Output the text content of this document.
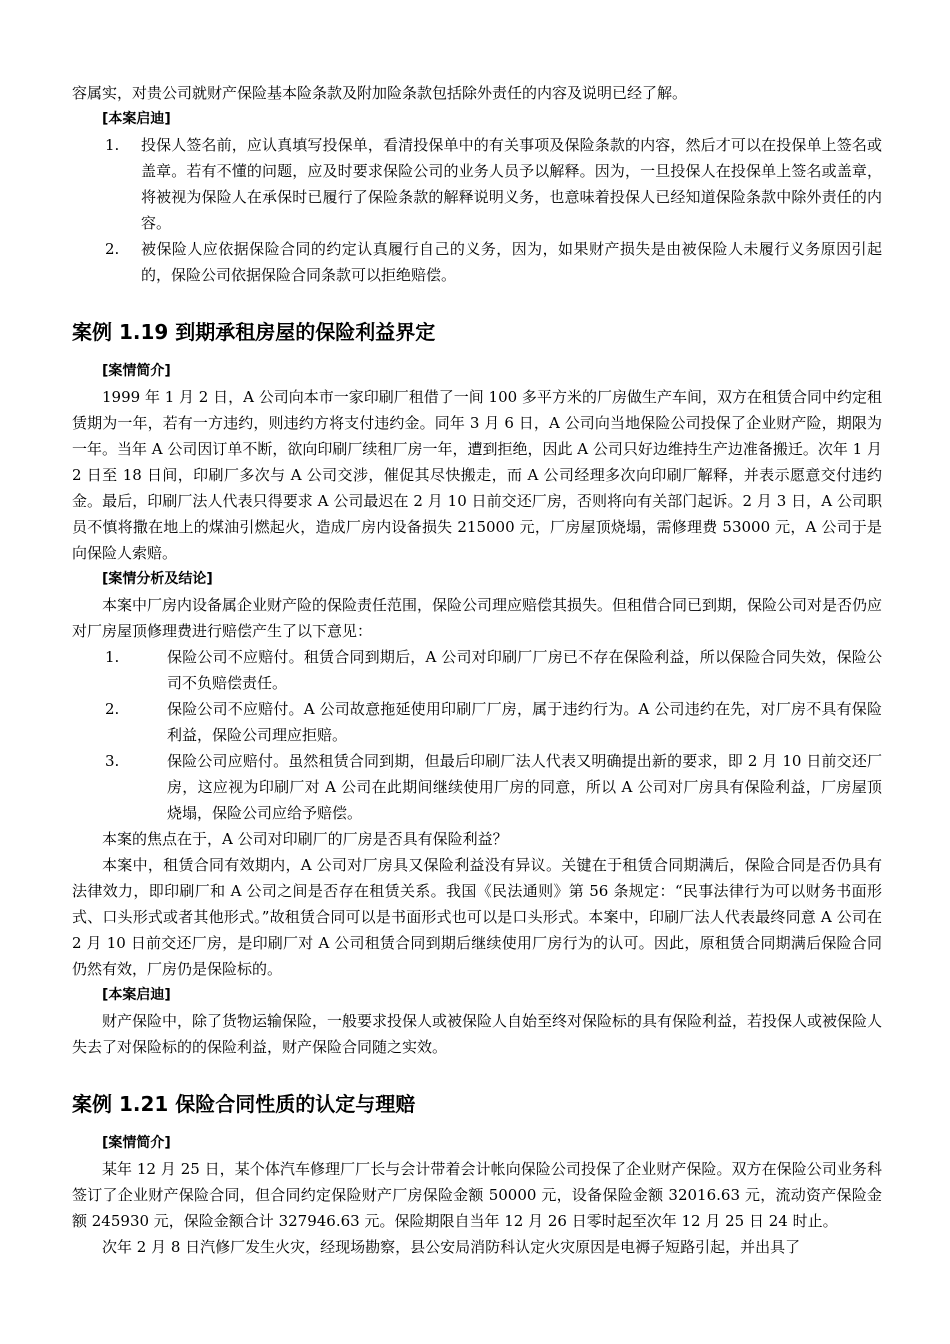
容属实，对贵公司就财产保险基本险条款及附加险条款包括除外责任的内容及说明已经了解。

[本案启迪]

1.	投保人签名前，应认真填写投保单，看清投保单中的有关事项及保险条款的内容，然后才可以在投保单上签名或盖章。若有不懂的问题，应及时要求保险公司的业务人员予以解释。因为，一旦投保人在投保单上签名或盖章，将被视为保险人在承保时已履行了保险条款的解释说明义务，也意味着投保人已经知道保险条款中除外责任的内容。
2.	被保险人应依据保险合同的约定认真履行自己的义务，因为，如果财产损失是由被保险人未履行义务原因引起的，保险公司依据保险合同条款可以拒绝赔偿。
案例 1.19 到期承租房屋的保险利益界定

[案情简介]

1999 年 1 月 2 日，A 公司向本市一家印刷厂租借了一间 100 多平方米的厂房做生产车间，双方在租赁合同中约定租赁期为一年，若有一方违约，则违约方将支付违约金。同年 3 月 6 日，A 公司向当地保险公司投保了企业财产险，期限为一年。当年 A 公司因订单不断，欲向印刷厂续租厂房一年，遭到拒绝，因此 A 公司只好边维持生产边准备搬迁。次年 1 月 2 日至 18 日间，印刷厂多次与 A 公司交涉，催促其尽快搬走，而 A 公司经理多次向印刷厂解释，并表示愿意交付违约金。最后，印刷厂法人代表只得要求 A 公司最迟在 2 月 10 日前交还厂房，否则将向有关部门起诉。2 月 3 日，A 公司职员不慎将撒在地上的煤油引燃起火，造成厂房内设备损失 215000 元，厂房屋顶烧塌，需修理费 53000 元，A 公司于是向保险人索赔。

[案情分析及结论]

本案中厂房内设备属企业财产险的保险责任范围，保险公司理应赔偿其损失。但租借合同已到期，保险公司对是否仍应对厂房屋顶修理费进行赔偿产生了以下意见：

1.	保险公司不应赔付。租赁合同到期后，A 公司对印刷厂厂房已不存在保险利益，所以保险合同失效，保险公司不负赔偿责任。
2.	保险公司不应赔付。A 公司故意拖延使用印刷厂厂房，属于违约行为。A 公司违约在先，对厂房不具有保险利益，保险公司理应拒赔。
3.	保险公司应赔付。虽然租赁合同到期，但最后印刷厂法人代表又明确提出新的要求，即 2 月 10 日前交还厂房，这应视为印刷厂对 A 公司在此期间继续使用厂房的同意，所以 A 公司对厂房具有保险利益，厂房屋顶烧塌，保险公司应给予赔偿。

本案的焦点在于，A 公司对印刷厂的厂房是否具有保险利益？

本案中，租赁合同有效期内，A 公司对厂房具又保险利益没有异议。关键在于租赁合同期满后，保险合同是否仍具有法律效力，即印刷厂和 A 公司之间是否存在租赁关系。我国《民法通则》第 56 条规定：“民事法律行为可以财务书面形式、口头形式或者其他形式。”故租赁合同可以是书面形式也可以是口头形式。本案中，印刷厂法人代表最终同意 A 公司在 2 月 10 日前交还厂房，是印刷厂对 A 公司租赁合同到期后继续使用厂房行为的认可。因此，原租赁合同期满后保险合同仍然有效，厂房仍是保险标的。

[本案启迪]

财产保险中，除了货物运输保险，一般要求投保人或被保险人自始至终对保险标的具有保险利益，若投保人或被保险人失去了对保险标的的保险利益，财产保险合同随之实效。

案例 1.21 保险合同性质的认定与理赔

[案情简介]

某年 12 月 25 日，某个体汽车修理厂厂长与会计带着会计帐向保险公司投保了企业财产保险。双方在保险公司业务科签订了企业财产保险合同，但合同约定保险财产厂房保险金额 50000 元，设备保险金额 32016.63 元，流动资产保险金额 245930 元，保险金额合计 327946.63 元。保险期限自当年 12 月 26 日零时起至次年 12 月 25 日 24 时止。

次年 2 月 8 日汽修厂发生火灾，经现场勘察，县公安局消防科认定火灾原因是电褥子短路引起，并出具了
